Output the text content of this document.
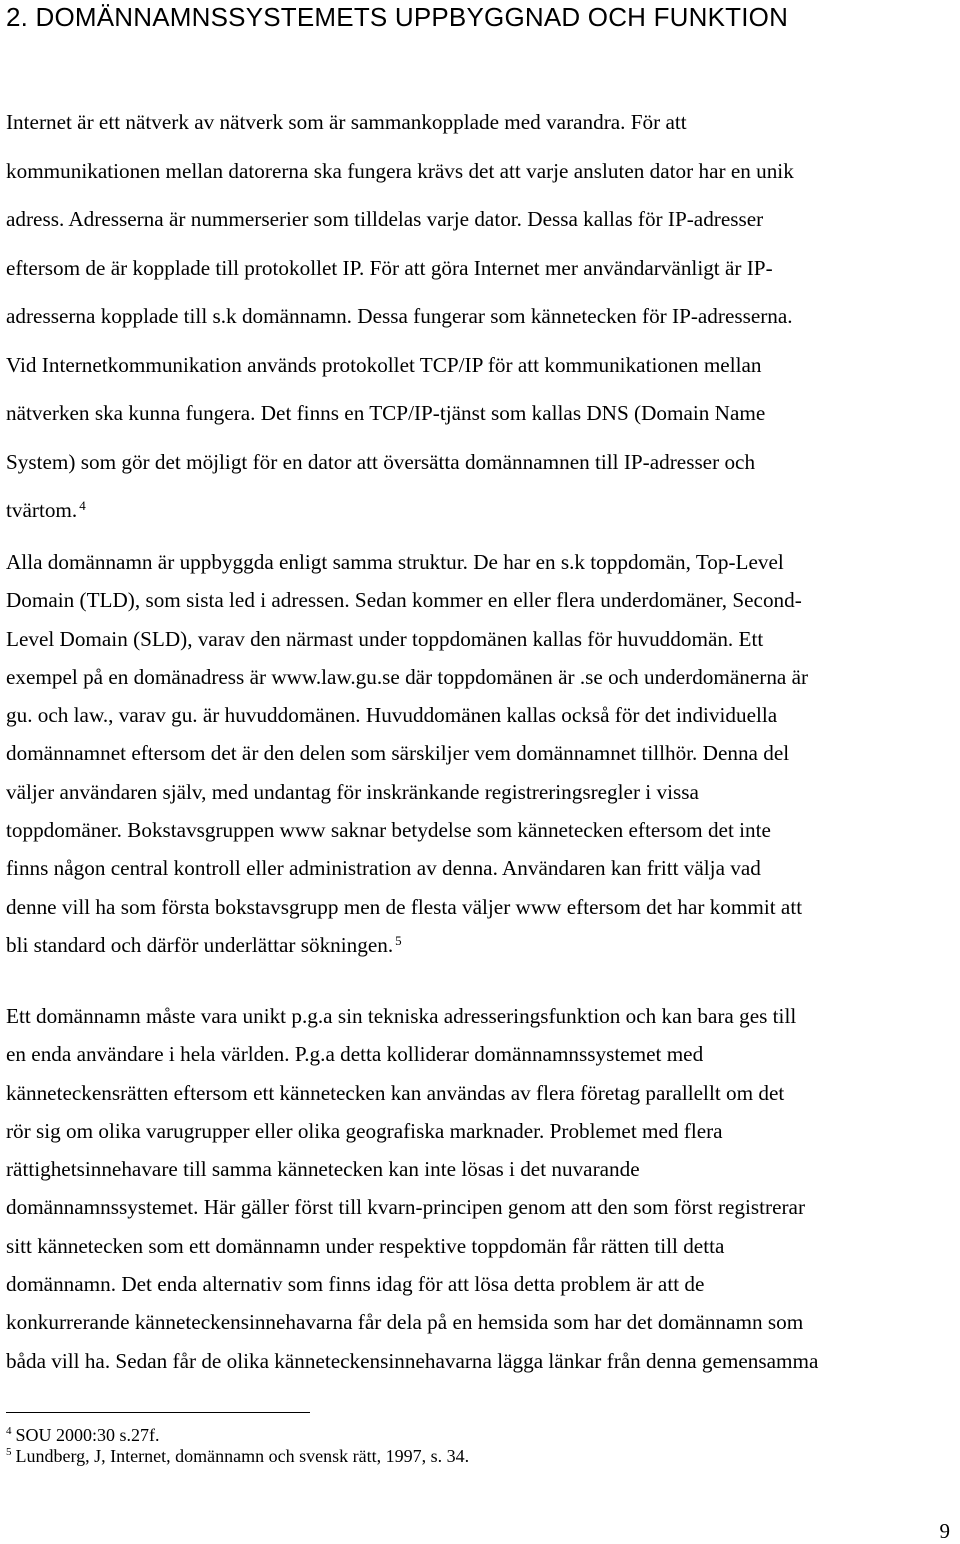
2. DOMÄNNAMNSSYSTEMETS UPPBYGGNAD OCH FUNKTION

Internet är ett nätverk av nätverk som är sammankopplade med varandra. För att
kommunikationen mellan datorerna ska fungera krävs det att varje ansluten dator har en unik
adress. Adresserna är nummerserier som tilldelas varje dator. Dessa kallas för IP-adresser
eftersom de är kopplade till protokollet IP. För att göra Internet mer användarvänligt är IP-
adresserna kopplade till s.k domännamn. Dessa fungerar som kännetecken för IP-adresserna.
Vid Internetkommunikation används protokollet TCP/IP för att kommunikationen mellan
nätverken ska kunna fungera. Det finns en TCP/IP-tjänst som kallas DNS (Domain Name
System) som gör det möjligt för en dator att översätta domännamnen till IP-adresser och
tvärtom. $^4$

Alla domännamn är uppbyggda enligt samma struktur. De har en s.k toppdomän, Top-Level
Domain (TLD), som sista led i adressen. Sedan kommer en eller flera underdomäner, Second-
Level Domain (SLD), varav den närmast under toppdomänen kallas för huvuddomän. Ett
exempel på en domänadress är www.law.gu.se där toppdomänen är .se och underdomänerna är
gu. och law., varav gu. är huvuddomänen. Huvuddomänen kallas också för det individuella
domännamnet eftersom det är den delen som särskiljer vem domännamnet tillhör. Denna del
väljer användaren själv, med undantag för inskränkande registreringsregler i vissa
toppdomäner. Bokstavsgruppen www saknar betydelse som kännetecken eftersom det inte
finns någon central kontroll eller administration av denna. Användaren kan fritt välja vad
denne vill ha som första bokstavsgrupp men de flesta väljer www eftersom det har kommit att
bli standard och därför underlättar sökningen. $^5$

Ett domännamn måste vara unikt p.g.a sin tekniska adresseringsfunktion och kan bara ges till
en enda användare i hela världen. P.g.a detta kolliderar domännamnssystemet med
känneteckensrätten eftersom ett kännetecken kan användas av flera företag parallellt om det
rör sig om olika varugrupper eller olika geografiska marknader. Problemet med flera
rättighetsinnehavare till samma kännetecken kan inte lösas i det nuvarande
domännamnssystemet. Här gäller först till kvarn-principen genom att den som först registrerar
sitt kännetecken som ett domännamn under respektive toppdomän får rätten till detta
domännamn. Det enda alternativ som finns idag för att lösa detta problem är att de
konkurrerande känneteckensinnehavarna får dela på en hemsida som har det domännamn som
båda vill ha. Sedan får de olika känneteckensinnehavarna lägga länkar från denna gemensamma

$^4$ SOU 2000:30 s.27f.
$^5$ Lundberg, J, Internet, domännamn och svensk rätt, 1997, s. 34.
9
